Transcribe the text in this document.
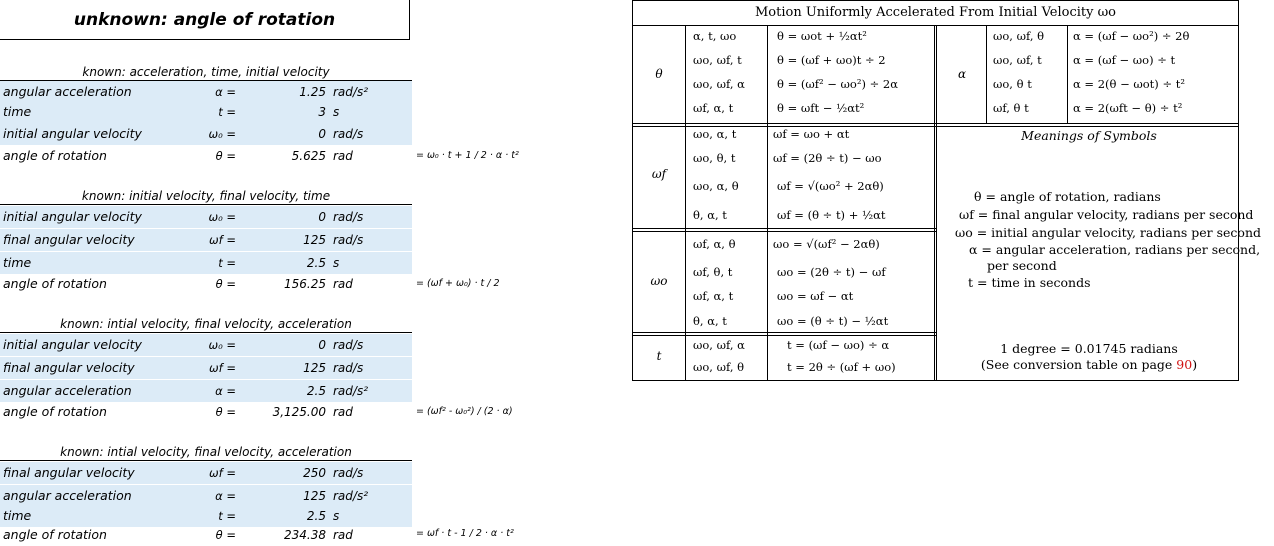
unknown: angle of rotation
known: acceleration, time, initial velocity
angular acceleration	α =	1.25 rad/s²
time	t =	3 s
initial angular velocity	ω₀ =	0 rad/s
angle of rotation	θ =	5.625 rad	= ω₀ · t + 1 / 2 · α · t²
known: initial velocity, final velocity, time
initial angular velocity	ω₀ =	0 rad/s
final angular velocity	ωf =	125 rad/s
time	t =	2.5 s
angle of rotation	θ =	156.25 rad	= (ωf + ω₀) · t / 2
known: intial velocity, final velocity, acceleration
initial angular velocity	ω₀ =	0 rad/s
final angular velocity	ωf =	125 rad/s
angular acceleration	α =	2.5 rad/s²
angle of rotation	θ =	3,125.00 rad	= (ωf² - ω₀²) / (2 · α)
known: intial velocity, final velocity, acceleration
final angular velocity	ωf =	250 rad/s
angular acceleration	α =	125 rad/s²
time	t =	2.5 s
angle of rotation	θ =	234.38 rad	= ωf · t - 1 / 2 · α · t²
Motion Uniformly Accelerated From Initial Velocity ωo
θ
α, t, ωo	θ = ωot + ½αt²
ωo, ωf, t	θ = (ωf + ωo)t ÷ 2
ωo, ωf, α	θ = (ωf² − ωo²) ÷ 2α
ωf, α, t	θ = ωft − ½αt²
ωf
ωo, α, t	ωf = ωo + αt
ωo, θ, t	ωf = (2θ ÷ t) − ωo
ωo, α, θ	ωf = √(ωo² + 2αθ)
θ, α, t	ωf = (θ ÷ t) + ½αt
ωo
ωf, α, θ	ωo = √(ωf² − 2αθ)
ωf, θ, t	ωo = (2θ ÷ t) − ωf
ωf, α, t	ωo = ωf − αt
θ, α, t	ωo = (θ ÷ t) − ½αt
t
ωo, ωf, α	t = (ωf − ωo) ÷ α
ωo, ωf, θ	t = 2θ ÷ (ωf + ωo)
α
ωo, ωf, θ	α = (ωf − ωo²) ÷ 2θ
ωo, ωf, t	α = (ωf − ωo) ÷ t
ωo, θ t	α = 2(θ − ωot) ÷ t²
ωf, θ t	α = 2(ωft − θ) ÷ t²
Meanings of Symbols
θ = angle of rotation, radians
ωf = final angular velocity, radians per second
ωo = initial angular velocity, radians per second
α = angular acceleration, radians per second,
per second
t = time in seconds
1 degree = 0.01745 radians
(See conversion table on page 90)
